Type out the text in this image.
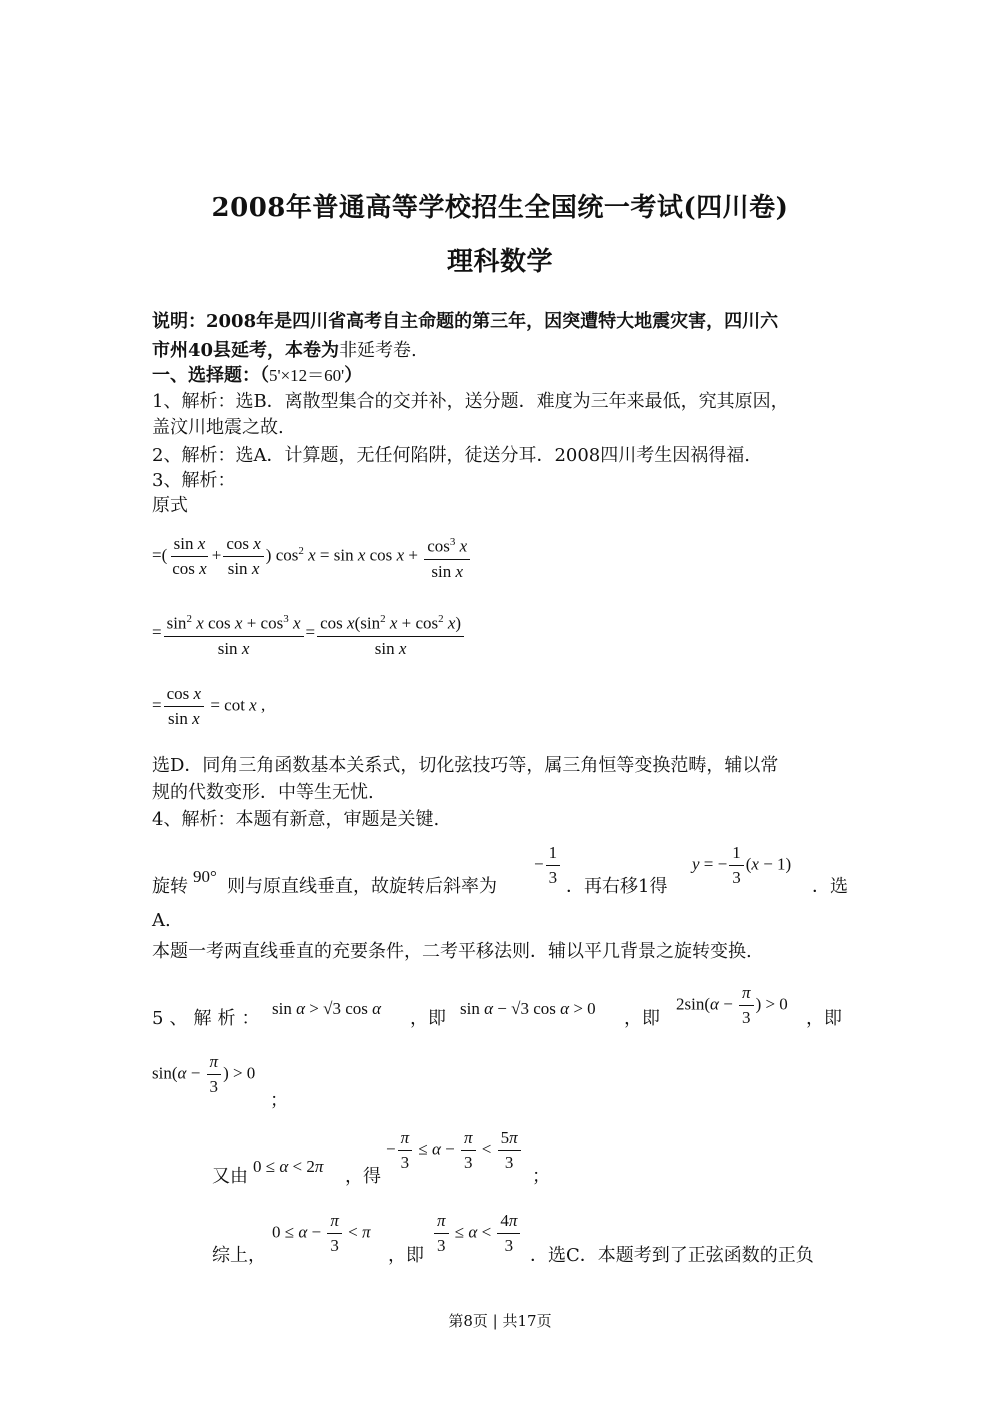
2008年普通高等学校招生全国统一考试(四川卷)
理科数学
说明：2008年是四川省高考自主命题的第三年，因突遭特大地震灾害，四川六
市州40县延考，本卷为非延考卷.
一、选择题：（5'×12＝60'）
1、解析：选B．离散型集合的交并补，送分题．难度为三年来最低，究其原因，
盖汶川地震之故.
2、解析：选A．计算题，无任何陷阱，徒送分耳．2008四川考生因祸得福.
3、解析：
原式
=( $\frac{\text{sin x}}{\text{cos x}} + \frac{\text{cos x}}{\text{sin x}}$ ) $\cos^2 x = \sin x$ $\cos x + \frac{\cos^3 x}{\text{sin x}}$
= $\frac{\sin^2 x \cos x + \cos^3 x}{\text{sin x}} = \frac{\cos x(\sin^2 x + \cos^2 x)}{\text{sin x}}$
= $\frac{\text{cos x}}{\text{sin x}} = \cot x$ ,
选D．同角三角函数基本关系式，切化弦技巧等，属三角恒等变换范畴，辅以常
规的代数变形．中等生无忧.
4、解析：本题有新意，审题是关键.
旋转 90° 则与原直线垂直，故旋转后斜率为
− $\frac{1}{3}$ ．再右移1得
y = − $\frac{1}{3} (x - 1)$
．选
A.
本题一考两直线垂直的充要条件，二考平移法则．辅以平几背景之旋转变换.
5、解析： sin α > √3 cos α ，即 sin α − √3 cos α > 0 ，即
$2\sin(\alpha - \frac{\pi}{3}$ ) > 0
，即
$\sin(\alpha - \frac{\pi}{3}$ ) > 0
；
又由 0 ≤ α < 2π ，得
− $\frac{\pi}{3} \le \alpha - \frac{\pi}{3} < \frac{5\pi}{3}$
；
综上，
$0 \le \alpha - \frac{\pi}{3} < \pi$
，即 $\frac{\pi}{3} \le \alpha < \frac{4\pi}{3}$ ．选C．本题考到了正弦函数的正负
第8页 | 共17页
